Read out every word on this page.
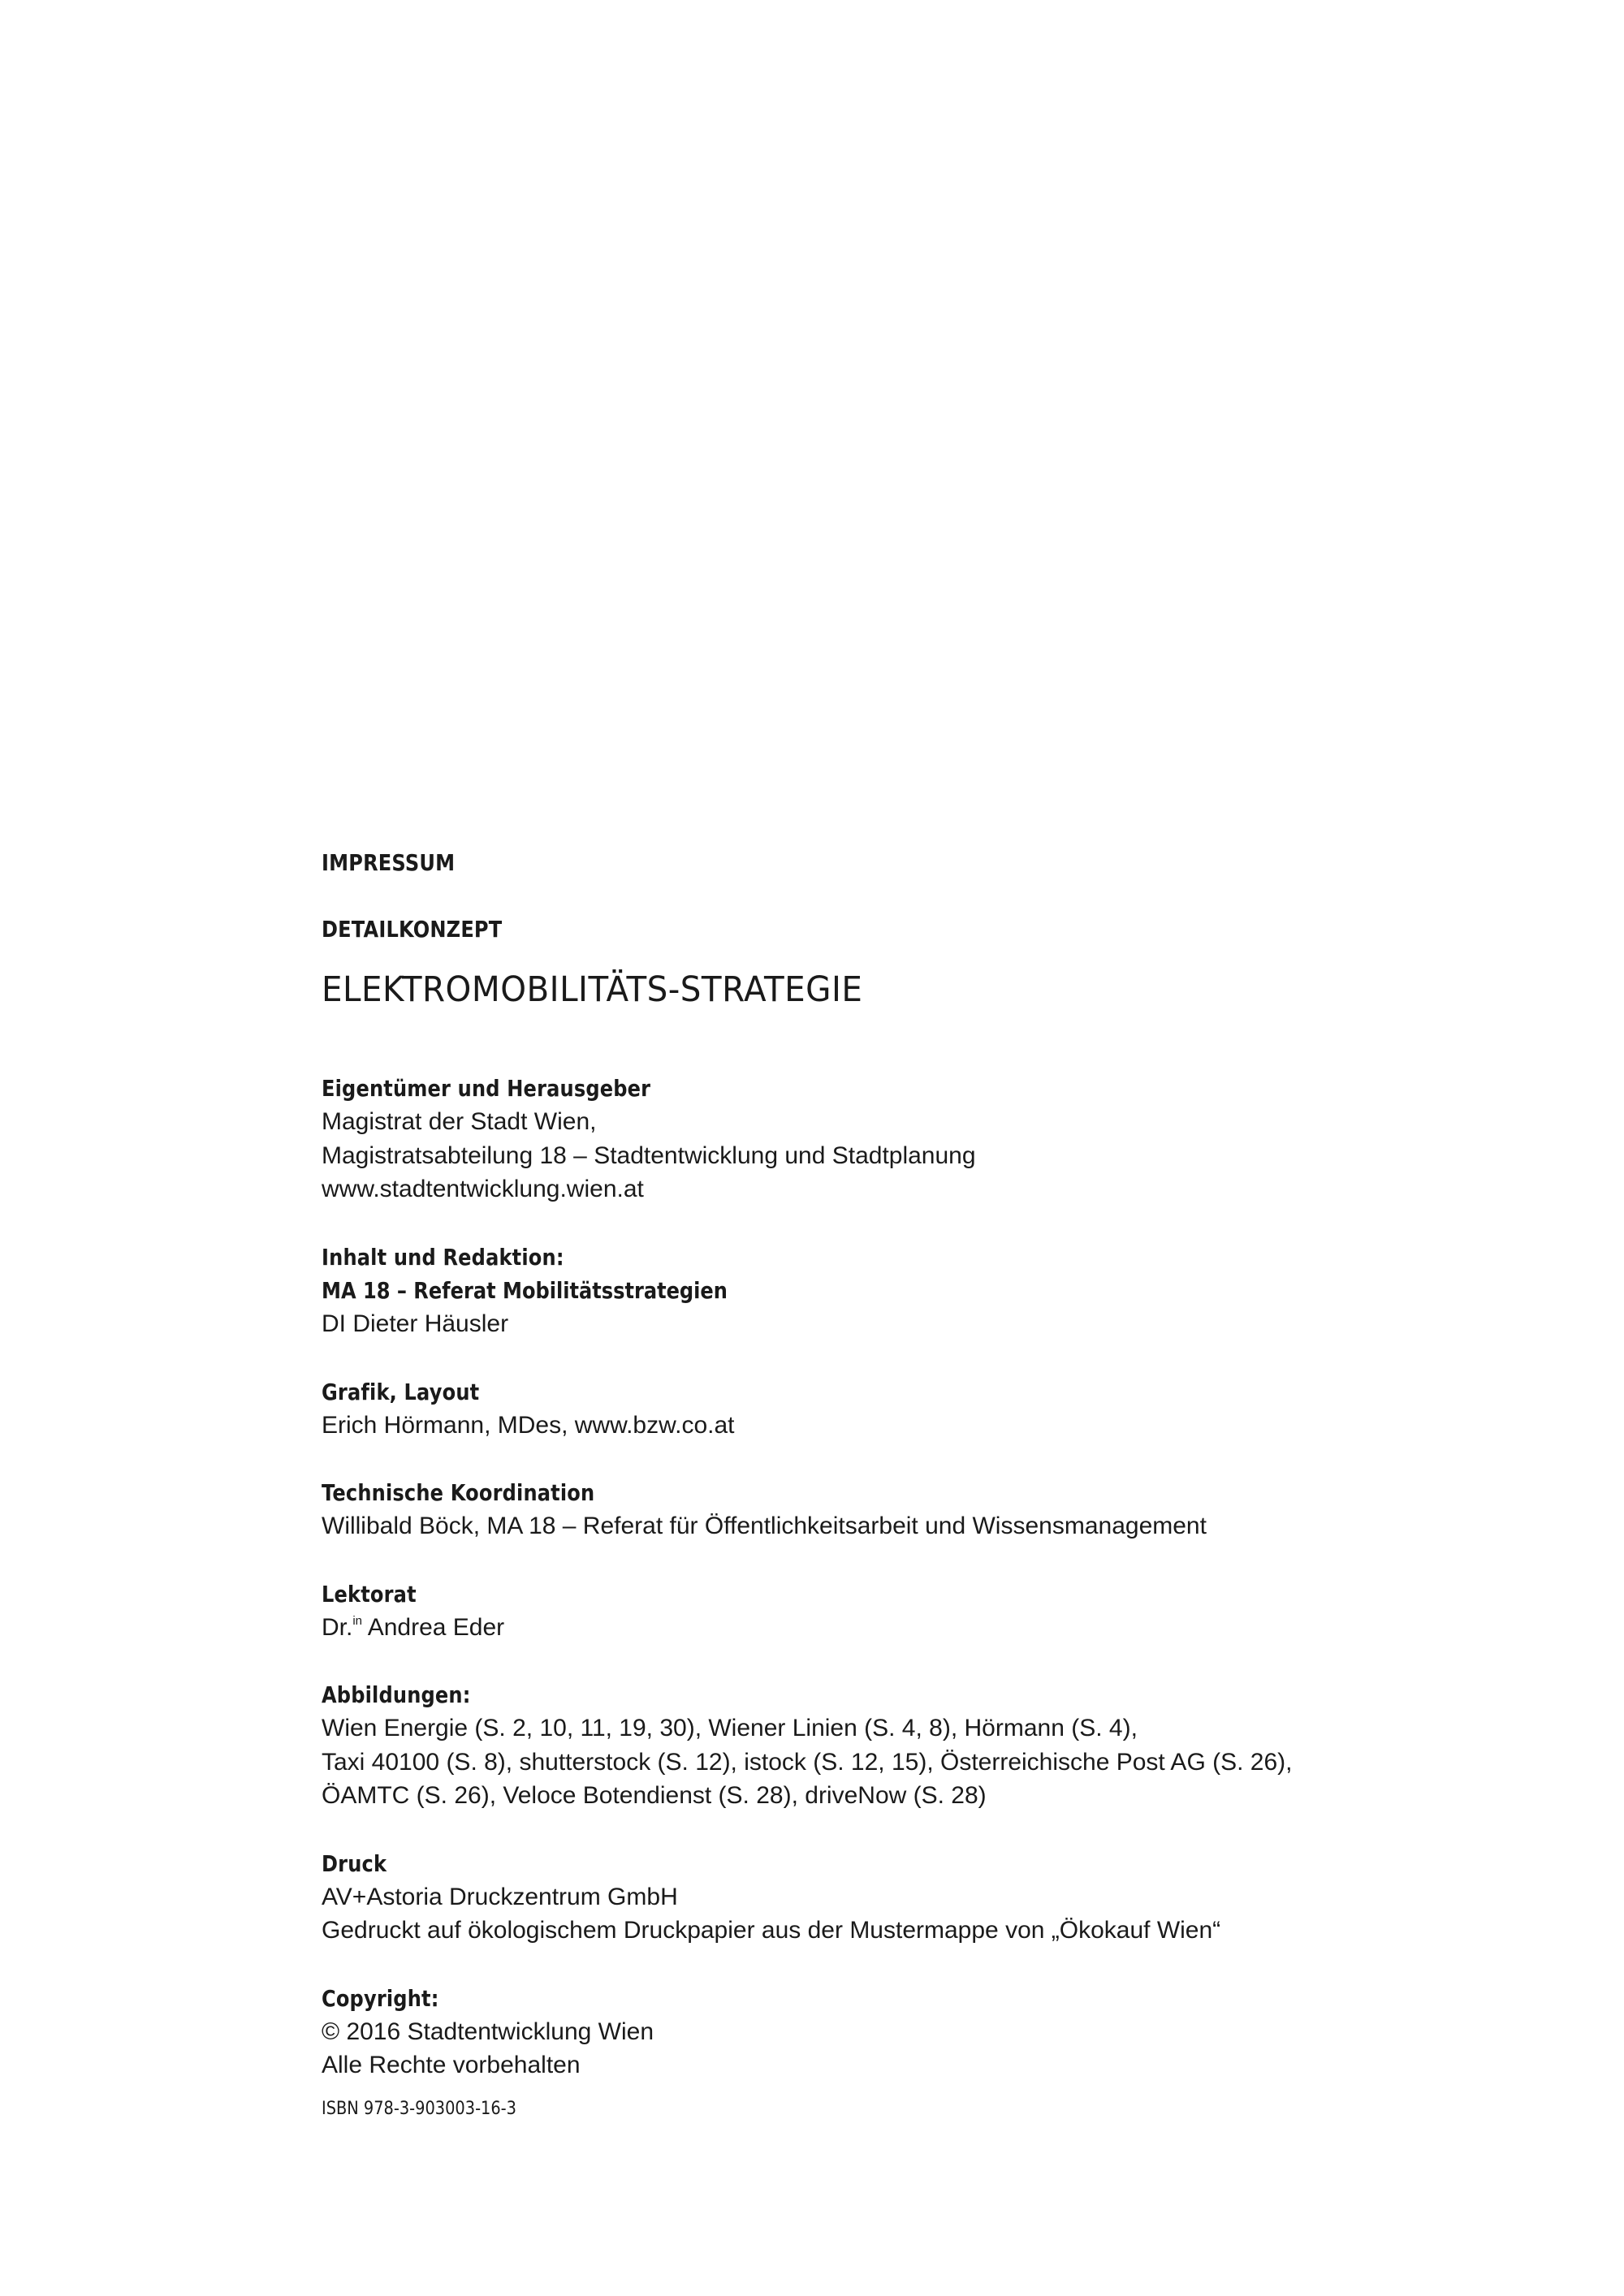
IMPRESSUM
DETAILKONZEPT
ELEKTROMOBILITÄTS-STRATEGIE
Eigentümer und Herausgeber
Magistrat der Stadt Wien,
Magistratsabteilung 18 – Stadtentwicklung und Stadtplanung
www.stadtentwicklung.wien.at
Inhalt und Redaktion:
MA 18 – Referat Mobilitätsstrategien
DI Dieter Häusler
Grafik, Layout
Erich Hörmann, MDes, www.bzw.co.at
Technische Koordination
Willibald Böck, MA 18 – Referat für Öffentlichkeitsarbeit und Wissensmanagement
Lektorat
Dr.$^{in}$ Andrea Eder
Abbildungen:
Wien Energie (S. 2, 10, 11, 19, 30), Wiener Linien (S. 4, 8), Hörmann (S. 4),
Taxi 40100 (S. 8), shutterstock (S. 12), istock (S. 12, 15), Österreichische Post AG (S. 26),
ÖAMTC (S. 26), Veloce Botendienst (S. 28), driveNow (S. 28)
Druck
AV+Astoria Druckzentrum GmbH
Gedruckt auf ökologischem Druckpapier aus der Mustermappe von „Ökokauf Wien“
Copyright:
© 2016 Stadtentwicklung Wien
Alle Rechte vorbehalten
ISBN 978-3-903003-16-3
